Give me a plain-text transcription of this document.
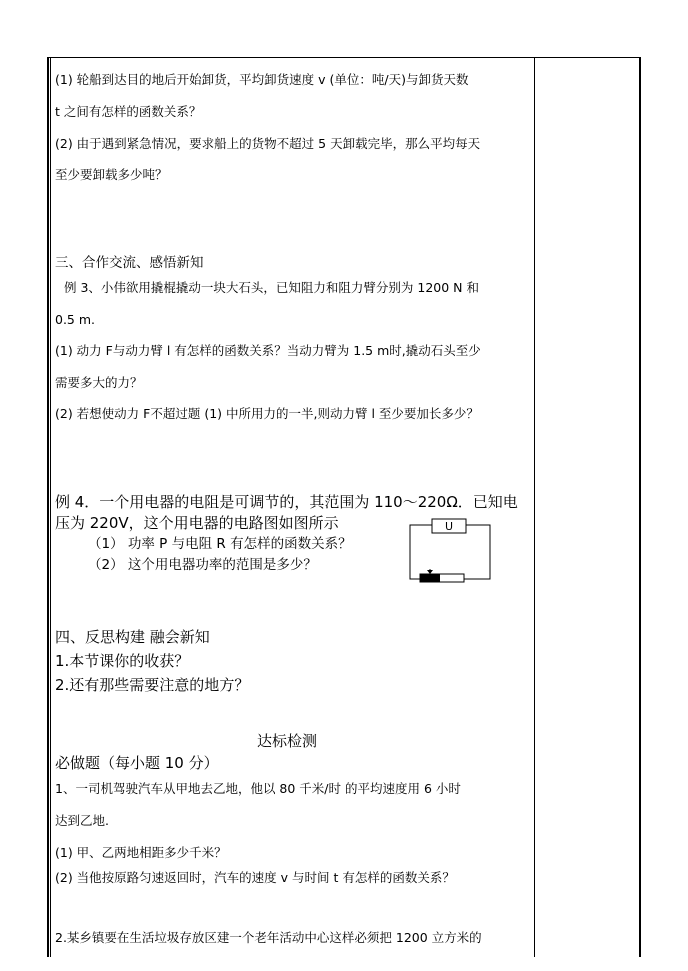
(1) 轮船到达目的地后开始卸货，平均卸货速度 v (单位：吨/天)与卸货天数
t 之间有怎样的函数关系？
(2) 由于遇到紧急情况，要求船上的货物不超过 5 天卸载完毕，那么平均每天
至少要卸载多少吨？
三、合作交流、感悟新知
例 3、小伟欲用撬棍撬动一块大石头，已知阻力和阻力臂分别为 1200 N 和
0.5 m.
(1) 动力 F与动力臂 l 有怎样的函数关系？当动力臂为 1.5 m时,撬动石头至少
需要多大的力？
(2) 若想使动力 F不超过题 (1) 中所用力的一半,则动力臂 l 至少要加长多少？
例 4．一个用电器的电阻是可调节的，其范围为 110～220Ω．已知电
压为 220V，这个用电器的电路图如图所示
（1） 功率 P 与电阻 R 有怎样的函数关系？
（2） 这个用电器功率的范围是多少？
U
四、反思构建 融会新知
1.本节课你的收获？
2.还有那些需要注意的地方？
达标检测
必做题（每小题 10 分）
1、一司机驾驶汽车从甲地去乙地，他以 80 千米/时 的平均速度用 6 小时
达到乙地.
(1) 甲、乙两地相距多少千米？
(2) 当他按原路匀速返回时，汽车的速度 v 与时间 t 有怎样的函数关系？
2.某乡镇要在生活垃圾存放区建一个老年活动中心这样必须把 1200 立方米的
